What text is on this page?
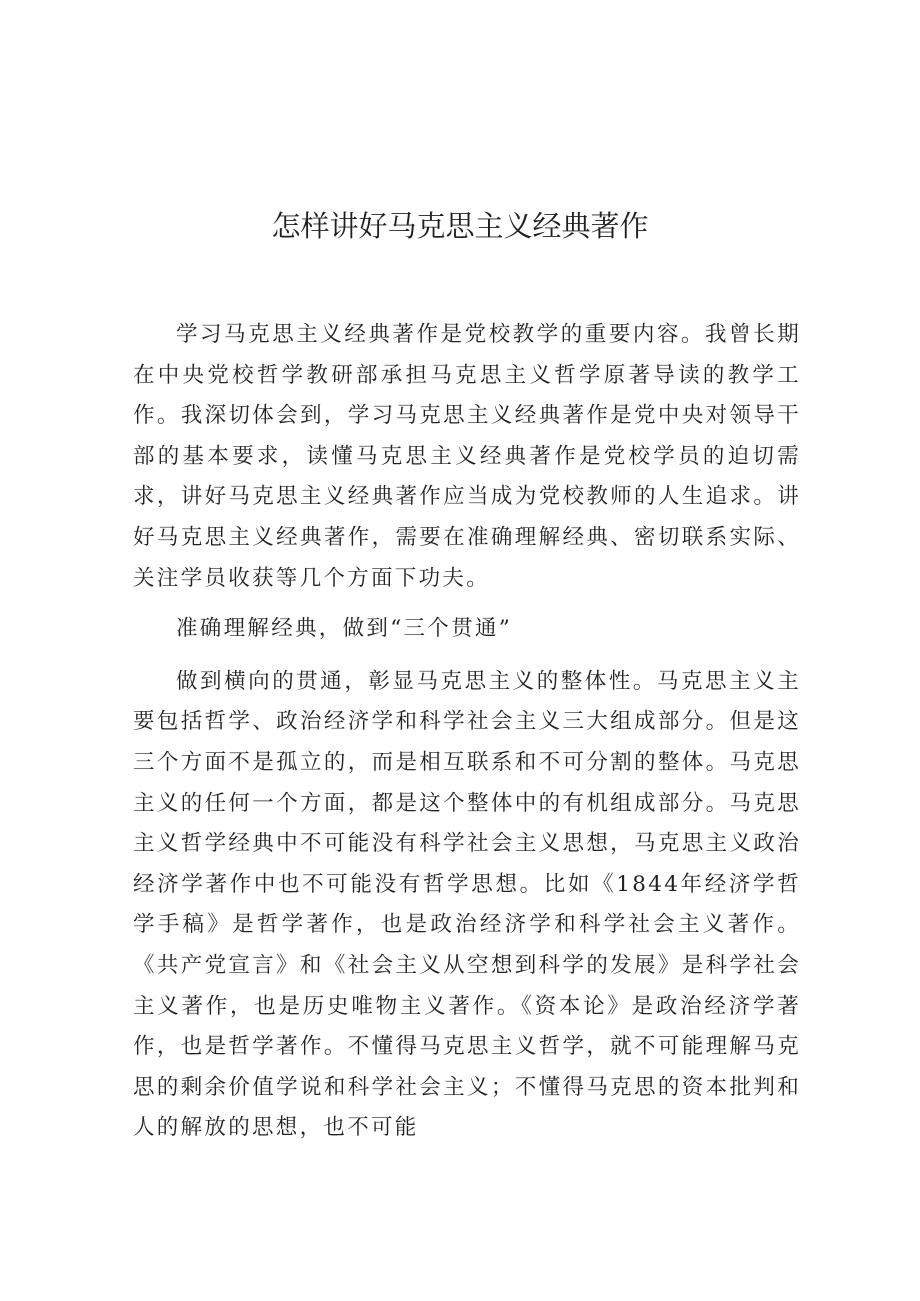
怎样讲好马克思主义经典著作

学习马克思主义经典著作是党校教学的重要内容。我曾长期在中央党校哲学教研部承担马克思主义哲学原著导读的教学工作。我深切体会到，学习马克思主义经典著作是党中央对领导干部的基本要求，读懂马克思主义经典著作是党校学员的迫切需求，讲好马克思主义经典著作应当成为党校教师的人生追求。讲好马克思主义经典著作，需要在准确理解经典、密切联系实际、关注学员收获等几个方面下功夫。

准确理解经典，做到“三个贯通”

做到横向的贯通，彰显马克思主义的整体性。马克思主义主要包括哲学、政治经济学和科学社会主义三大组成部分。但是这三个方面不是孤立的，而是相互联系和不可分割的整体。马克思主义的任何一个方面，都是这个整体中的有机组成部分。马克思主义哲学经典中不可能没有科学社会主义思想，马克思主义政治经济学著作中也不可能没有哲学思想。比如《1844年经济学哲学手稿》是哲学著作，也是政治经济学和科学社会主义著作。《共产党宣言》和《社会主义从空想到科学的发展》是科学社会主义著作，也是历史唯物主义著作。《资本论》是政治经济学著作，也是哲学著作。不懂得马克思主义哲学，就不可能理解马克思的剩余价值学说和科学社会主义；不懂得马克思的资本批判和人的解放的思想，也不可能
